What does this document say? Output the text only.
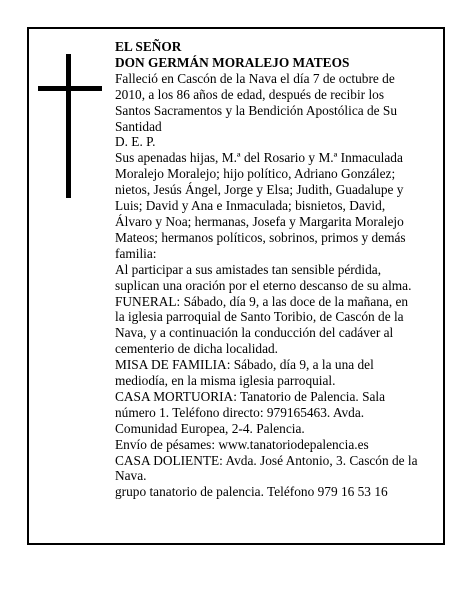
EL SEÑOR

DON GERMÁN MORALEJO MATEOS

Falleció en Cascón de la Nava el día 7 de octubre de 2010, a los 86 años de edad, después de recibir los Santos Sacramentos y la Bendición Apostólica de Su Santidad

D. E. P.

Sus apenadas hijas, M.ª del Rosario y M.ª Inmaculada Moralejo Moralejo; hijo político, Adriano González; nietos, Jesús Ángel, Jorge y Elsa; Judith, Guadalupe y Luis; David y Ana e Inmaculada; bisnietos, David, Álvaro y Noa; hermanas, Josefa y Margarita Moralejo Mateos; hermanos políticos, sobrinos, primos y demás familia:

Al participar a sus amistades tan sensible pérdida, suplican una oración por el eterno descanso de su alma.

FUNERAL: Sábado, día 9, a las doce de la mañana, en la iglesia parroquial de Santo Toribio, de Cascón de la Nava, y a continuación la conducción del cadáver al cementerio de dicha localidad.

MISA DE FAMILIA: Sábado, día 9, a la una del mediodía, en la misma iglesia parroquial.

CASA MORTUORIA: Tanatorio de Palencia. Sala número 1. Teléfono directo: 979165463. Avda. Comunidad Europea, 2-4. Palencia.

Envío de pésames: www.tanatoriodepalencia.es

CASA DOLIENTE: Avda. José Antonio, 3. Cascón de la Nava.

grupo tanatorio de palencia. Teléfono 979 16 53 16
